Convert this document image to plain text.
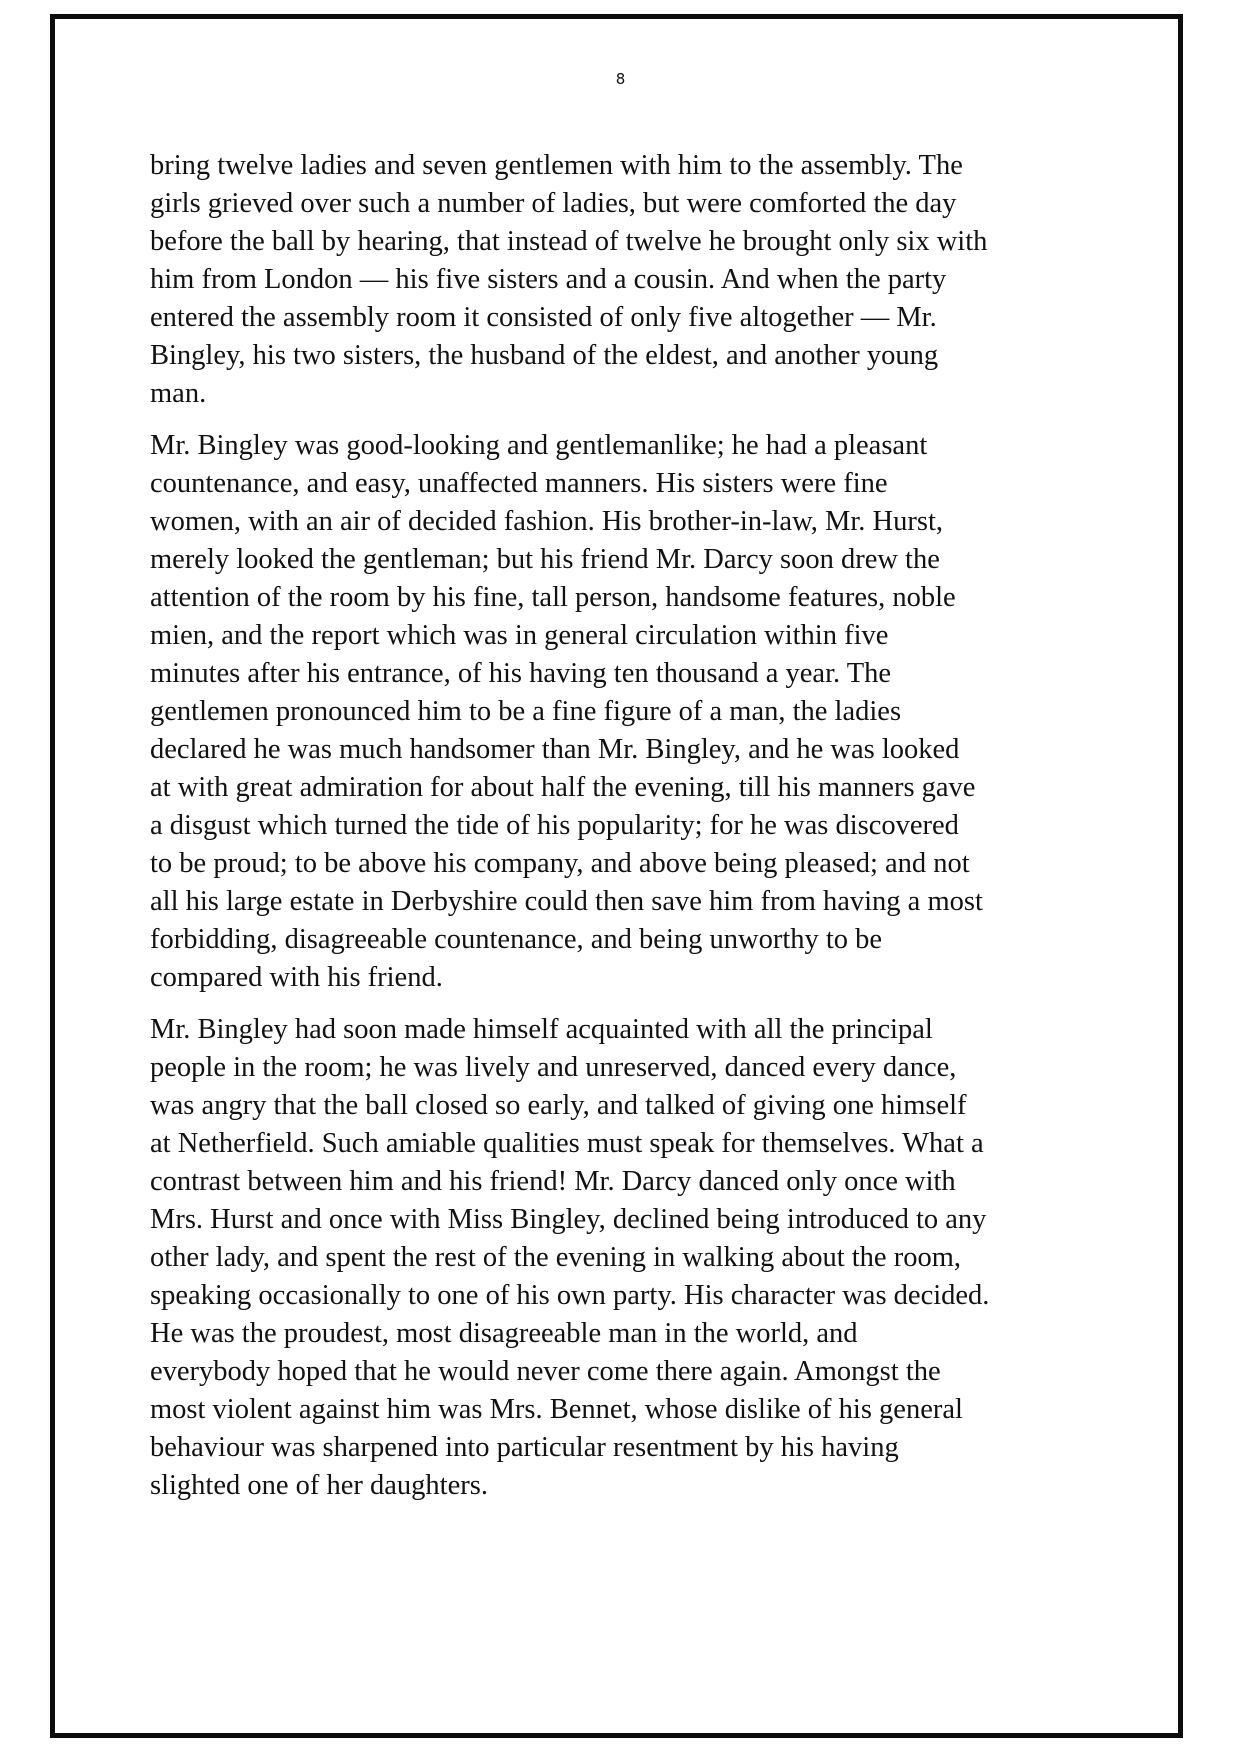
8

bring twelve ladies and seven gentlemen with him to the assembly. The
girls grieved over such a number of ladies, but were comforted the day
before the ball by hearing, that instead of twelve he brought only six with
him from London — his five sisters and a cousin. And when the party
entered the assembly room it consisted of only five altogether — Mr.
Bingley, his two sisters, the husband of the eldest, and another young
man.

Mr. Bingley was good-looking and gentlemanlike; he had a pleasant
countenance, and easy, unaffected manners. His sisters were fine
women, with an air of decided fashion. His brother-in-law, Mr. Hurst,
merely looked the gentleman; but his friend Mr. Darcy soon drew the
attention of the room by his fine, tall person, handsome features, noble
mien, and the report which was in general circulation within five
minutes after his entrance, of his having ten thousand a year. The
gentlemen pronounced him to be a fine figure of a man, the ladies
declared he was much handsomer than Mr. Bingley, and he was looked
at with great admiration for about half the evening, till his manners gave
a disgust which turned the tide of his popularity; for he was discovered
to be proud; to be above his company, and above being pleased; and not
all his large estate in Derbyshire could then save him from having a most
forbidding, disagreeable countenance, and being unworthy to be
compared with his friend.

Mr. Bingley had soon made himself acquainted with all the principal
people in the room; he was lively and unreserved, danced every dance,
was angry that the ball closed so early, and talked of giving one himself
at Netherfield. Such amiable qualities must speak for themselves. What a
contrast between him and his friend! Mr. Darcy danced only once with
Mrs. Hurst and once with Miss Bingley, declined being introduced to any
other lady, and spent the rest of the evening in walking about the room,
speaking occasionally to one of his own party. His character was decided.
He was the proudest, most disagreeable man in the world, and
everybody hoped that he would never come there again. Amongst the
most violent against him was Mrs. Bennet, whose dislike of his general
behaviour was sharpened into particular resentment by his having
slighted one of her daughters.
